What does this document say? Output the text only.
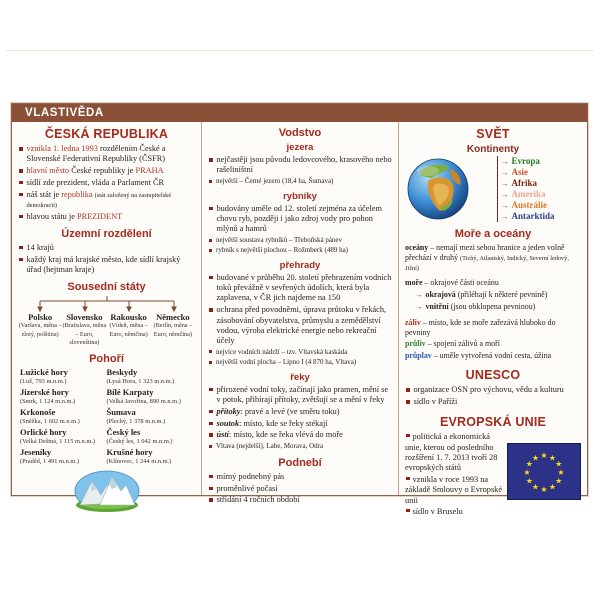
VLASTIVĚDA
ČESKÁ REPUBLIKA
vznikla 1. ledna 1993 rozdělením České a Slovenské Federativní Republiky (ČSFR)
hlavní město České republiky je PRAHA
sídlí zde prezident, vláda a Parlament ČR
náš stát je republika (stát založený na zastupitelské demokracii)
hlavou státu je PREZIDENT
Územní rozdělení
14 krajů
každý kraj má krajské město, kde sídlí krajský úřad (hejtman kraje)
Sousední státy
Polsko
(Varšava, měna – zlotý, polština)
Slovensko
(Bratislava, měna – Euro, slovenština)
Rakousko
(Vídeň, měna – Euro, němčina)
Německo
(Berlín, měna – Euro, němčina)
Pohoří
Lužické hory
(Luž, 793 m.n.m.)
Jizerské hory
(Smrk, 1 124 m.n.m.)
Krkonoše
(Sněžka, 1 602 m.n.m.)
Orlické hory
(Velká Deštná, 1 115 m.n.m.)
Jeseníky
(Praděd, 1 491 m.n.m.)
Beskydy
(Lysá Hora, 1 323 m.n.m.)
Bílé Karpaty
(Velká Javořina, 890 m.n.m.)
Šumava
(Plechý, 1 378 m.n.m.)
Český les
(Český les, 1 042 m.n.m.)
Krušné hory
(Klínovec, 1 244 m.n.m.)
Vodstvo
jezera
nejčastěji jsou původu ledovcového, krasového nebo rašeliništní
největší – Černé jezero (18,4 ha, Šumava)
rybníky
budovány uměle od 12. století zejména za účelem chovu ryb, později i jako zdroj vody pro pohon mlýnů a hamrů
největší soustava rybníků – Třeboňská pánev
rybník s největší plochou – Rožmberk (489 ha)
přehrady
budované v průběhu 20. století přehrazením vodních toků převážně v sevřených údolích, která byla zaplavena, v ČR jich najdeme na 150
ochrana před povodněmi, úprava průtoku v řekách, zásobování obyvatelstva, průmyslu a zemědělství vodou, výroba elektrické energie nebo rekreační účely
nejvíce vodních nádrží – tzv. Vltavská kaskáda
největší vodní plocha – Lipno I (4 870 ha, Vltava)
řeky
přirozené vodní toky, začínají jako pramen, mění se v potok, přibírají přítoky, zvětšují se a mění v řeky
přítoky: pravé a levé (ve směru toku)
soutok: místo, kde se řeky stékají
ústí: místo, kde se řeka vlévá do moře
Vltava (nejdelší), Labe, Morava, Odra
Podnebí
mírný podnebný pás
proměnlivé počasí
střídání 4 ročních období
SVĚT
Kontinenty
→ Evropa
→ Asie
→ Afrika
→ Amerika
→ Austrálie
→ Antarktida
Moře a oceány
oceány – nemají mezi sebou hranice a jeden volně přechází v druhý (Tichý, Atlantský, Indický, Severní ledový, Jižní)
moře – okrajové části oceánu
→ okrajová (přiléhají k některé pevnině)
→ vnitřní (jsou obklopena pevninou)
záliv – místo, kde se moře zařezává hluboko do pevniny
průliv – spojení zálivů a moří
průplav – uměle vytvořená vodní cesta, úžina
UNESCO
organizace OSN pro výchovu, vědu a kulturu
sídlo v Paříži
EVROPSKÁ UNIE
★ ★
★
★
★
★
★
★
★
★
★
★
politická a ekonomická unie, kterou od posledního rozšíření 1. 7. 2013 tvoří 28 evropských států
vznikla v roce 1993 na základě Smlouvy o Evropské unii
sídlo v Bruselu
